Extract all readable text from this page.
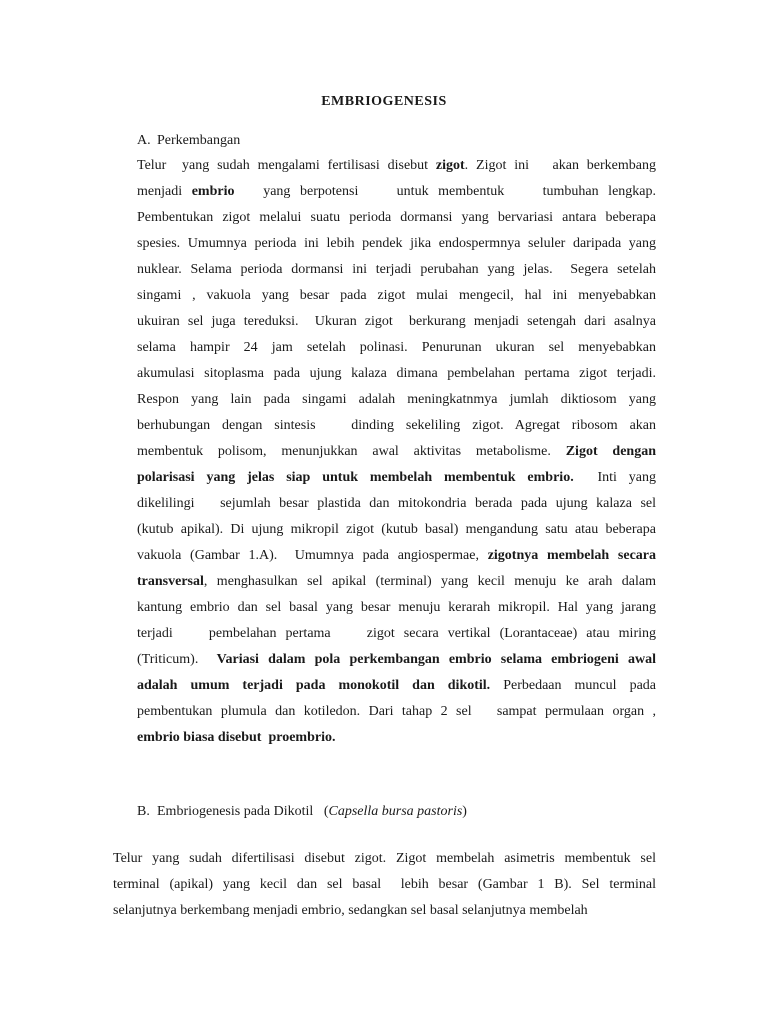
EMBRIOGENESIS
A. Perkembangan
Telur  yang sudah mengalami fertilisasi disebut zigot. Zigot ini   akan berkembang
menjadi embrio   yang berpotensi    untuk membentuk    tumbuhan lengkap.
Pembentukan zigot melalui suatu perioda dormansi yang bervariasi antara beberapa
spesies. Umumnya perioda ini lebih pendek jika endospermnya seluler daripada yang
nuklear. Selama perioda dormansi ini terjadi perubahan yang jelas.  Segera setelah
singami , vakuola yang besar pada zigot mulai mengecil, hal ini menyebabkan
ukuiran sel juga tereduksi.  Ukuran zigot  berkurang menjadi setengah dari asalnya
selama hampir 24 jam setelah polinasi. Penurunan ukuran sel menyebabkan
akumulasi sitoplasma pada ujung kalaza dimana pembelahan pertama zigot terjadi.
Respon yang lain pada singami adalah meningkatnmya jumlah diktiosom yang
berhubungan dengan sintesis   dinding sekeliling zigot. Agregat ribosom akan
membentuk polisom, menunjukkan awal aktivitas metabolisme. Zigot dengan
polarisasi yang jelas siap untuk membelah membentuk embrio.  Inti yang
dikelilingi   sejumlah besar plastida dan mitokondria berada pada ujung kalaza sel
(kutub apikal). Di ujung mikropil zigot (kutub basal) mengandung satu atau beberapa
vakuola (Gambar 1.A).  Umumnya pada angiospermae, zigotnya membelah secara
transversal, menghasulkan sel apikal (terminal) yang kecil menuju ke arah dalam
kantung embrio dan sel basal yang besar menuju kerarah mikropil. Hal yang jarang
terjadi    pembelahan pertama    zigot secara vertikal (Lorantaceae) atau miring
(Triticum).  Variasi dalam pola perkembangan embrio selama embriogeni awal
adalah umum terjadi pada monokotil dan dikotil. Perbedaan muncul pada
pembentukan plumula dan kotiledon. Dari tahap 2 sel   sampat permulaan organ ,
embrio biasa disebut  proembrio.
B. Embriogenesis pada Dikotil (Capsella bursa pastoris)
Telur yang sudah difertilisasi disebut zigot. Zigot membelah asimetris membentuk sel
terminal (apikal) yang kecil dan sel basal  lebih besar (Gambar 1 B). Sel terminal
selanjutnya berkembang menjadi embrio, sedangkan sel basal selanjutnya membelah
